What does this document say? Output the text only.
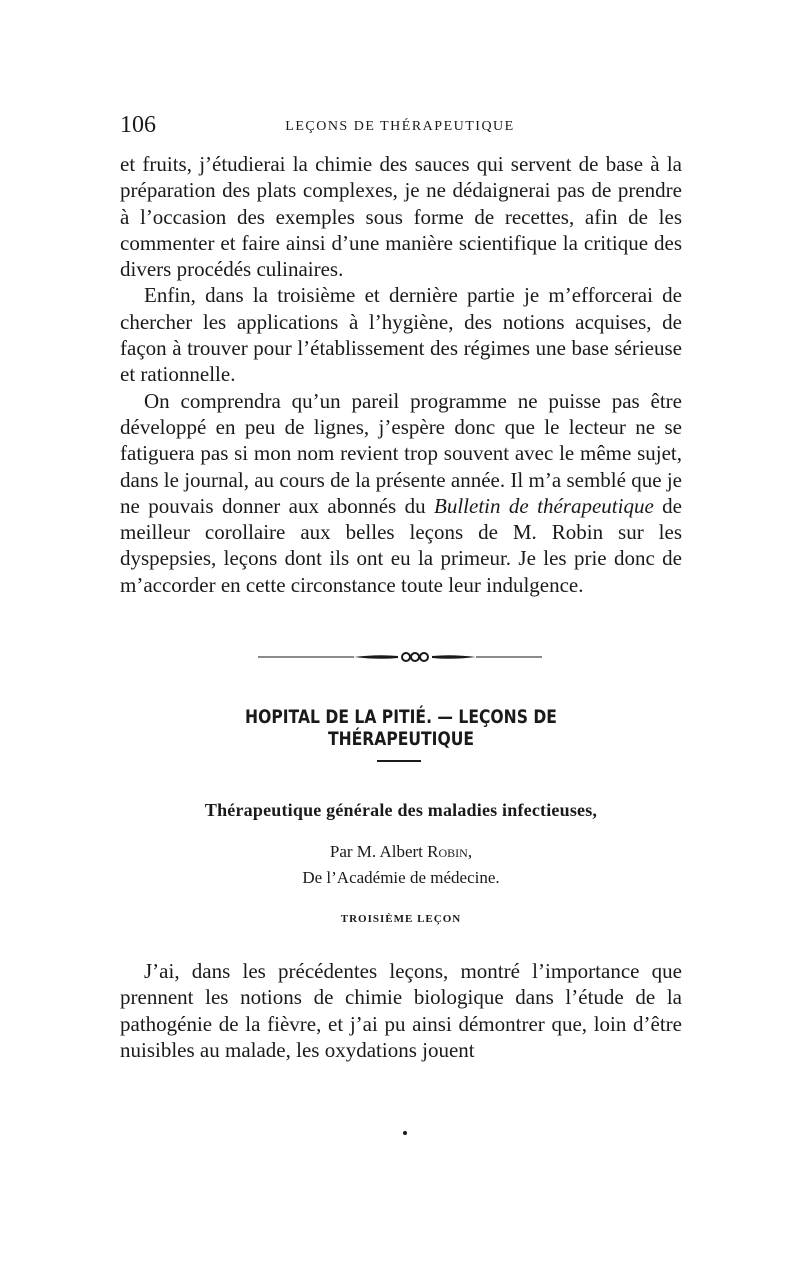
106	LEÇONS DE THÉRAPEUTIQUE

et fruits, j’étudierai la chimie des sauces qui servent de base à la préparation des plats complexes, je ne dédaignerai pas de prendre à l’occasion des exemples sous forme de recettes, afin de les commenter et faire ainsi d’une manière scientifique la critique des divers procédés culinaires.

Enfin, dans la troisième et dernière partie je m’efforcerai de chercher les applications à l’hygiène, des notions acquises, de façon à trouver pour l’établissement des régimes une base sérieuse et rationnelle.

On comprendra qu’un pareil programme ne puisse pas être développé en peu de lignes, j’espère donc que le lecteur ne se fatiguera pas si mon nom revient trop souvent avec le même sujet, dans le journal, au cours de la présente année. Il m’a semblé que je ne pouvais donner aux abonnés du Bulletin de thérapeutique de meilleur corollaire aux belles leçons de M. Robin sur les dyspepsies, leçons dont ils ont eu la primeur. Je les prie donc de m’accorder en cette circonstance toute leur indulgence.

HOPITAL DE LA PITIÉ. — LEÇONS DE THÉRAPEUTIQUE
Thérapeutique générale des maladies infectieuses,
Par M. Albert Robin,
De l’Académie de médecine.
TROISIÈME LEÇON

J’ai, dans les précédentes leçons, montré l’importance que prennent les notions de chimie biologique dans l’étude de la pathogénie de la fièvre, et j’ai pu ainsi démontrer que, loin d’être nuisibles au malade, les oxydations jouent
